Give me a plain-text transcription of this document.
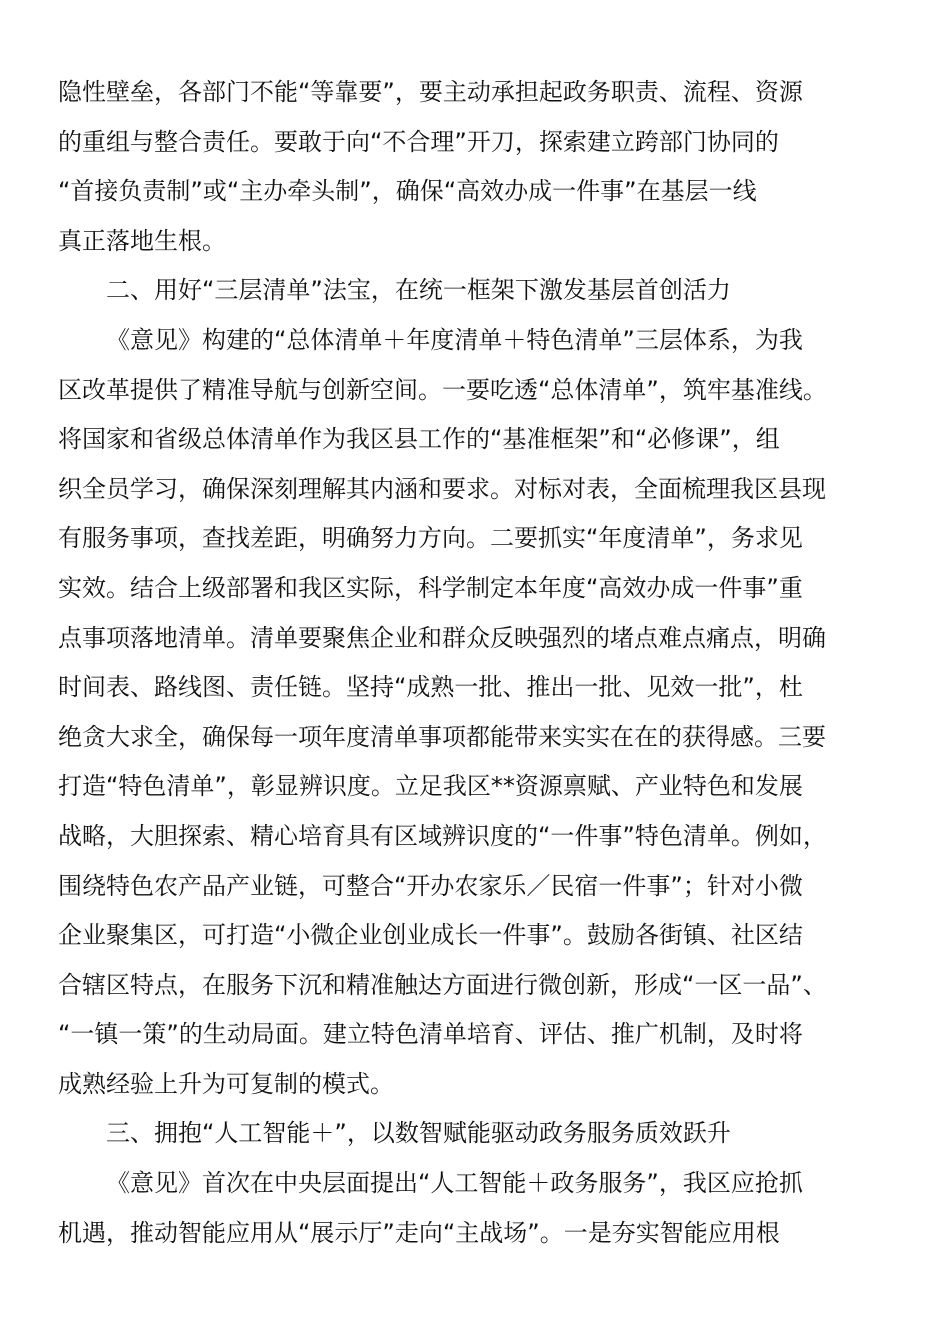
隐性壁垒，各部门不能“等靠要”，要主动承担起政务职责、流程、资源
的重组与整合责任。要敢于向“不合理”开刀，探索建立跨部门协同的
“首接负责制”或“主办牵头制”，确保“高效办成一件事”在基层一线
真正落地生根。
二、用好“三层清单”法宝，在统一框架下激发基层首创活力
《意见》构建的“总体清单＋年度清单＋特色清单”三层体系，为我
区改革提供了精准导航与创新空间。一要吃透“总体清单”，筑牢基准线。
将国家和省级总体清单作为我区县工作的“基准框架”和“必修课”，组
织全员学习，确保深刻理解其内涵和要求。对标对表，全面梳理我区县现
有服务事项，查找差距，明确努力方向。二要抓实“年度清单”，务求见
实效。结合上级部署和我区实际，科学制定本年度“高效办成一件事”重
点事项落地清单。清单要聚焦企业和群众反映强烈的堵点难点痛点，明确
时间表、路线图、责任链。坚持“成熟一批、推出一批、见效一批”，杜
绝贪大求全，确保每一项年度清单事项都能带来实实在在的获得感。三要
打造“特色清单”，彰显辨识度。立足我区**资源禀赋、产业特色和发展
战略，大胆探索、精心培育具有区域辨识度的“一件事”特色清单。例如，
围绕特色农产品产业链，可整合“开办农家乐／民宿一件事”；针对小微
企业聚集区，可打造“小微企业创业成长一件事”。鼓励各街镇、社区结
合辖区特点，在服务下沉和精准触达方面进行微创新，形成“一区一品”、
“一镇一策”的生动局面。建立特色清单培育、评估、推广机制，及时将
成熟经验上升为可复制的模式。
三、拥抱“人工智能＋”，以数智赋能驱动政务服务质效跃升
《意见》首次在中央层面提出“人工智能＋政务服务”，我区应抢抓
机遇，推动智能应用从“展示厅”走向“主战场”。一是夯实智能应用根
